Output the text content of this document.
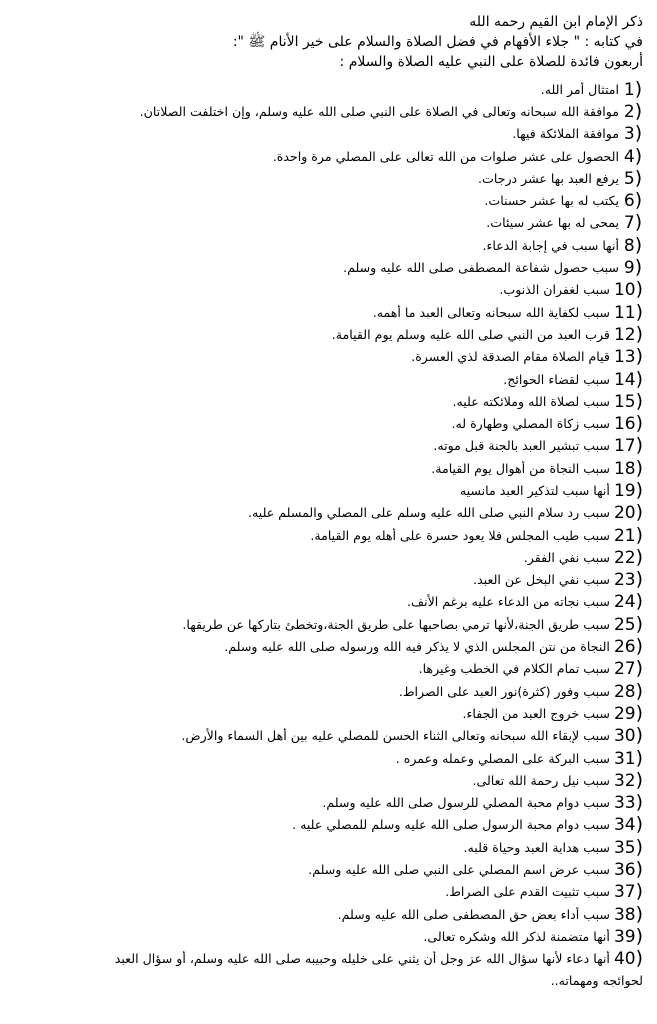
ذكر الإمام ابن القيم رحمه الله
في كتابه : " جلاء الأفهام في فضل الصلاة والسلام على خير الأنام ﷺ ":
أربعون فائدة للصلاة على النبي عليه الصلاة والسلام :
( 1
امتثال أمر الله.
( 2
موافقة الله سبحانه وتعالى في الصلاة على النبي صلى الله عليه وسلم، وإن اختلفت الصلاتان.
( 3
موافقة الملائكة فيها.
( 4
الحصول على عشر صلوات من الله تعالى على المصلي مرة واحدة.
( 5
يرفع العبد بها عشر درجات.
( 6
يكتب له بها عشر حسنات.
( 7
يمحى له بها عشر سيئات.
( 8
أنها سبب في إجابة الدعاء.
( 9
سبب حصول شفاعة المصطفى صلى الله عليه وسلم.
( 10
سبب لغفران الذنوب.
( 11
سبب لكفاية الله سبحانه وتعالى العبد ما أهمه.
( 12
قرب العبد من النبي صلى الله عليه وسلم يوم القيامة.
( 13
قيام الصلاة مقام الصدقة لذي العسرة.
( 14
سبب لقضاء الحوائج.
( 15
سبب لصلاة الله وملائكته عليه.
( 16
سبب زكاة المصلي وطهارة له.
( 17
سبب تبشير العبد بالجنة قبل موته.
( 18
سبب النجاة من أهوال يوم القيامة.
( 19
أنها سبب لتذكير العبد مانسيه
( 20
سبب رد سلام النبي صلى الله عليه وسلم على المصلي والمسلم عليه.
( 21
سبب طيب المجلس فلا يعود حسرة على أهله يوم القيامة.
( 22
سبب نفي الفقر.
( 23
سبب نفي البخل عن العبد.
( 24
سبب نجاته من الدعاء عليه برغم الأنف.
( 25
سبب طريق الجنة،لأنها ترمي بصاحبها على طريق الجنة،وتخطئ بتاركها عن طريقها.
( 26
النجاة من نتن المجلس الذي لا يذكر فيه الله ورسوله صلى الله عليه وسلم.
( 27
سبب تمام الكلام في الخطب وغيرها.
( 28
سبب وفور (كثرة)نور العبد على الصراط.
( 29
سبب خروج العبد من الجفاء.
( 30
سبب لإبقاء الله سبحانه وتعالى الثناء الحسن للمصلي عليه بين أهل السماء والأرض.
( 31
سبب البركة على المصلي وعمله وعمره .
( 32
سبب نيل رحمة الله تعالى.
( 33
سبب دوام محبة المصلي للرسول صلى الله عليه وسلم.
( 34
سبب دوام محبة الرسول صلى الله عليه وسلم للمصلي عليه .
( 35
سبب هداية العبد وحياة قلبه.
( 36
سبب عرض اسم المصلي على النبي صلى الله عليه وسلم.
( 37
سبب تثبيت القدم على الصراط.
( 38
سبب أداء بعض حق المصطفى صلى الله عليه وسلم.
( 39
أنها متضمنة لذكر الله وشكره تعالى.
( 40
أنها دعاء لأنها سؤال الله عز وجل أن يثني على خليله وحبيبه صلى الله عليه وسلم، أو سؤال العبد
لحوائجه ومهماته..
